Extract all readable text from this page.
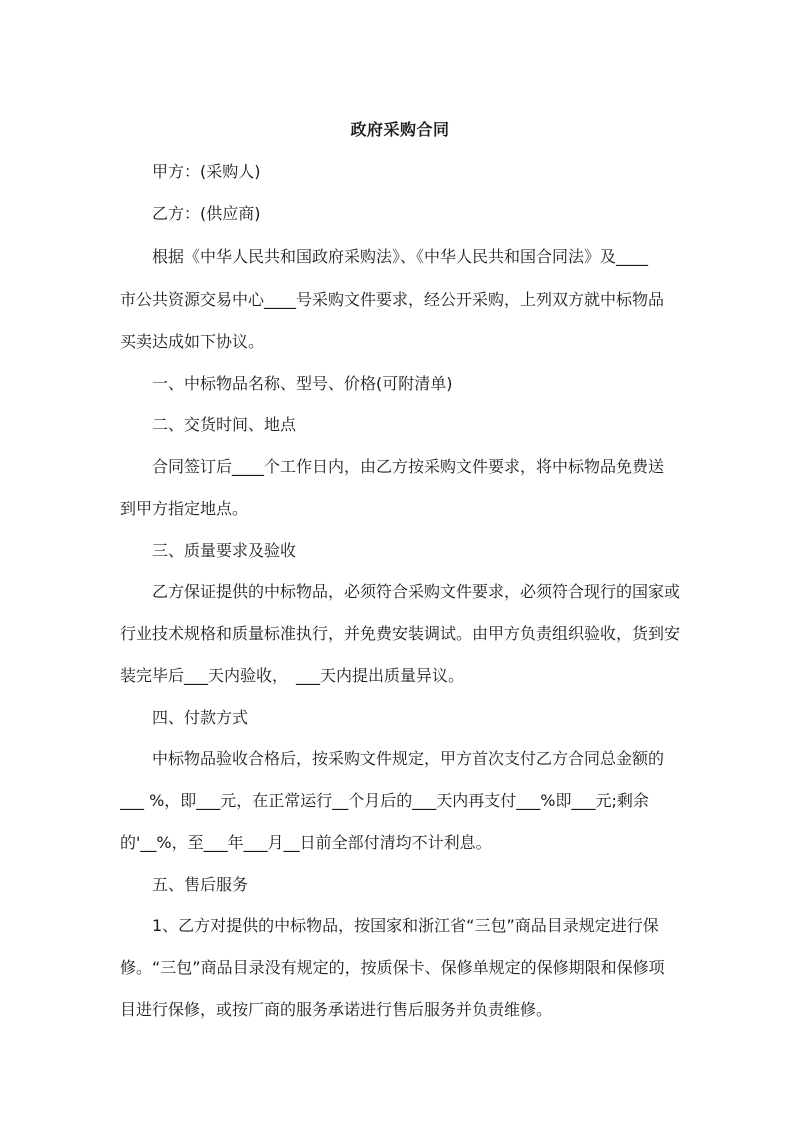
政府采购合同
　　甲方：(采购人)
　　乙方：(供应商)
　　根据《中华人民共和国政府采购法》、《中华人民共和国合同法》及____
市公共资源交易中心____号采购文件要求，经公开采购，上列双方就中标物品
买卖达成如下协议。
　　一、中标物品名称、型号、价格(可附清单)
　　二、交货时间、地点
　　合同签订后____个工作日内，由乙方按采购文件要求，将中标物品免费送
到甲方指定地点。
　　三、质量要求及验收
　　乙方保证提供的中标物品，必须符合采购文件要求，必须符合现行的国家或
行业技术规格和质量标准执行，并免费安装调试。由甲方负责组织验收，货到安
装完毕后___天内验收，　___天内提出质量异议。
　　四、付款方式
　　中标物品验收合格后，按采购文件规定，甲方首次支付乙方合同总金额的
___ %，即___元，在正常运行__个月后的___天内再支付___%即___元;剩余
的'__%，至___年___月__日前全部付清均不计利息。
　　五、售后服务
　　1、乙方对提供的中标物品，按国家和浙江省“三包”商品目录规定进行保
修。“三包”商品目录没有规定的，按质保卡、保修单规定的保修期限和保修项
目进行保修，或按厂商的服务承诺进行售后服务并负责维修。
